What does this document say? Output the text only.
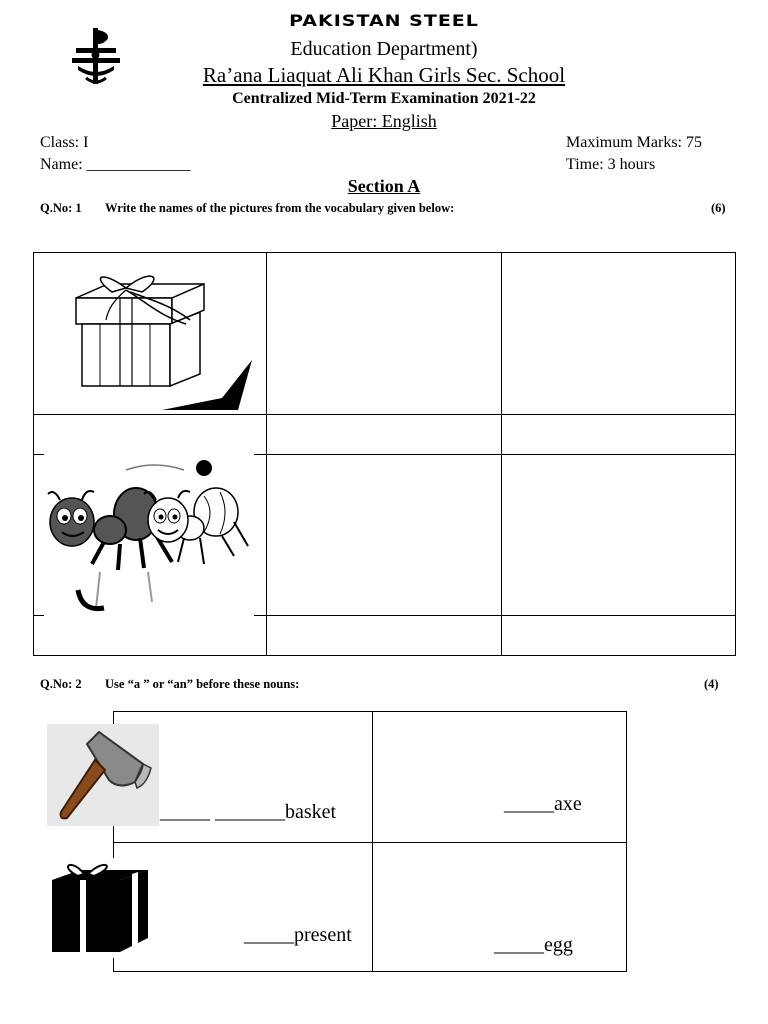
PAKISTAN STEEL
Education Department)
Ra’ana Liaquat Ali Khan Girls Sec. School
Centralized Mid-Term Examination 2021-22
Paper: English
Class: I
Name: _____________
Maximum Marks: 75
Time: 3 hours
Section A
Q.No: 1 Write the names of the pictures from the vocabulary given below:	(6)

Q.No: 2 Use “a ” or “an” before these nouns:	(4)

_____ _______basket	_____axe
_____present	_____egg
